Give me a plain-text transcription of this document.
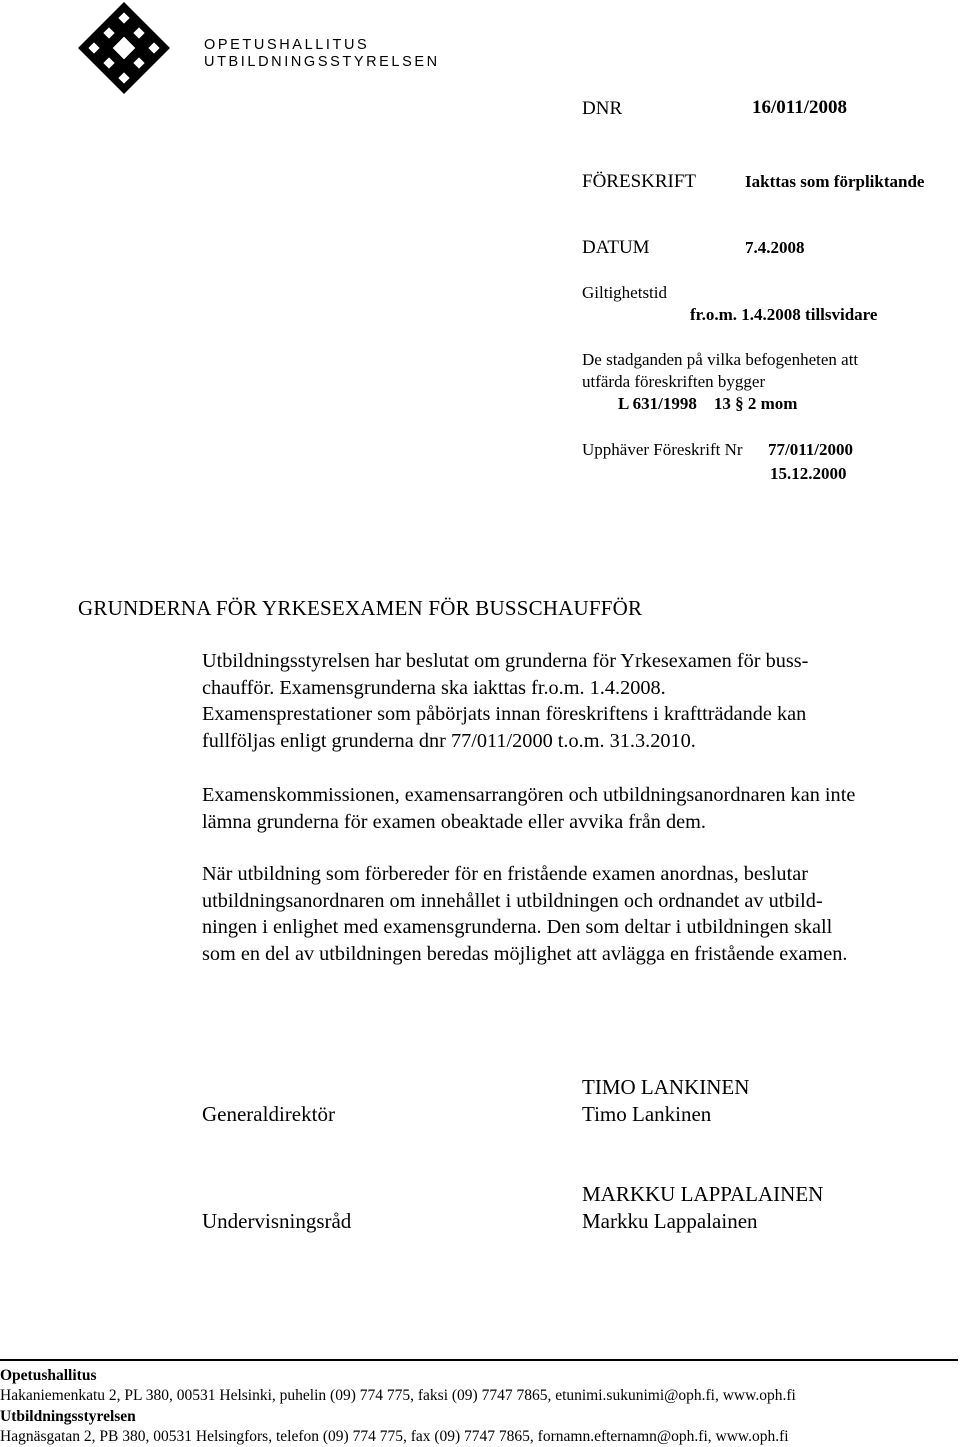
OPETUSHALLITUS
UTBILDNINGSSTYRELSEN
DNR	16/011/2008
FÖRESKRIFT	Iakttas som förpliktande
DATUM	7.4.2008
Giltighetstid
fr.o.m. 1.4.2008 tillsvidare
De stadganden på vilka befogenheten att
utfärda föreskriften bygger
L 631/1998    13 § 2 mom
Upphäver Föreskrift Nr 77/011/2000
15.12.2000
GRUNDERNA FÖR YRKESEXAMEN FÖR BUSSCHAUFFÖR

Utbildningsstyrelsen har beslutat om grunderna för Yrkesexamen för buss-

chaufför. Examensgrunderna ska iakttas fr.o.m. 1.4.2008.

Examensprestationer som påbörjats innan föreskriftens i kraftträdande kan

fullföljas enligt grunderna dnr 77/011/2000 t.o.m. 31.3.2010.

Examenskommissionen, examensarrangören och utbildningsanordnaren kan inte

lämna grunderna för examen obeaktade eller avvika från dem.

När utbildning som förbereder för en fristående examen anordnas, beslutar

utbildningsanordnaren om innehållet i utbildningen och ordnandet av utbild-

ningen i enlighet med examensgrunderna. Den som deltar i utbildningen skall

som en del av utbildningen beredas möjlighet att avlägga en fristående examen.

Generaldirektör
TIMO LANKINEN
Timo Lankinen
Undervisningsråd
MARKKU LAPPALAINEN
Markku Lappalainen
Opetushallitus
Hakaniemenkatu 2, PL 380, 00531 Helsinki, puhelin (09) 774 775, faksi (09) 7747 7865, etunimi.sukunimi@oph.fi, www.oph.fi
Utbildningsstyrelsen
Hagnäsgatan 2, PB 380, 00531 Helsingfors, telefon (09) 774 775, fax (09) 7747 7865, fornamn.efternamn@oph.fi, www.oph.fi
